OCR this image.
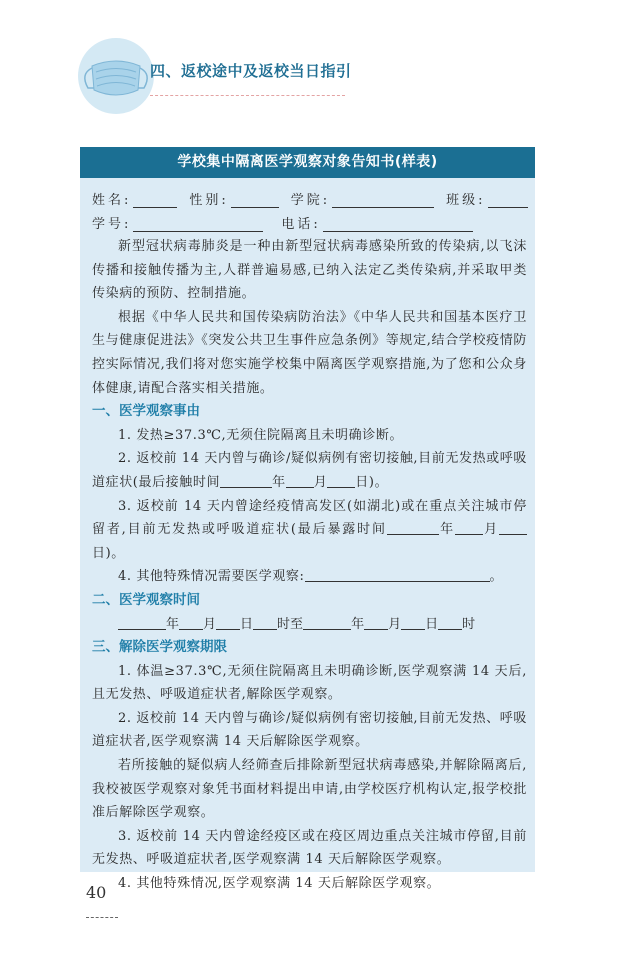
四、返校途中及返校当日指引
学校集中隔离医学观察对象告知书(样表)
姓名:	性别:	学院:	班级:
学号:	电话:

新型冠状病毒肺炎是一种由新型冠状病毒感染所致的传染病,以飞沫传播和接触传播为主,人群普遍易感,已纳入法定乙类传染病,并采取甲类传染病的预防、控制措施。

根据《中华人民共和国传染病防治法》《中华人民共和国基本医疗卫生与健康促进法》《突发公共卫生事件应急条例》等规定,结合学校疫情防控实际情况,我们将对您实施学校集中隔离医学观察措施,为了您和公众身体健康,请配合落实相关措施。

一、医学观察事由

1. 发热≥37.3℃,无须住院隔离且未明确诊断。

2. 返校前 14 天内曾与确诊/疑似病例有密切接触,目前无发热或呼吸道症状(最后接触时间	年 月 日)。

3. 返校前 14 天内曾途经疫情高发区(如湖北)或在重点关注城市停留者,目前无发热或呼吸道症状(最后暴露时间	年 月日)。

4. 其他特殊情况需要医学观察:	。

二、医学观察时间
年 月 日 时至	年 月 日 时
三、解除医学观察期限

1. 体温≥37.3℃,无须住院隔离且未明确诊断,医学观察满 14 天后,且无发热、呼吸道症状者,解除医学观察。

2. 返校前 14 天内曾与确诊/疑似病例有密切接触,目前无发热、呼吸道症状者,医学观察满 14 天后解除医学观察。

若所接触的疑似病人经筛查后排除新型冠状病毒感染,并解除隔离后,我校被医学观察对象凭书面材料提出申请,由学校医疗机构认定,报学校批准后解除医学观察。

3. 返校前 14 天内曾途经疫区或在疫区周边重点关注城市停留,目前无发热、呼吸道症状者,医学观察满 14 天后解除医学观察。

4. 其他特殊情况,医学观察满 14 天后解除医学观察。

40
